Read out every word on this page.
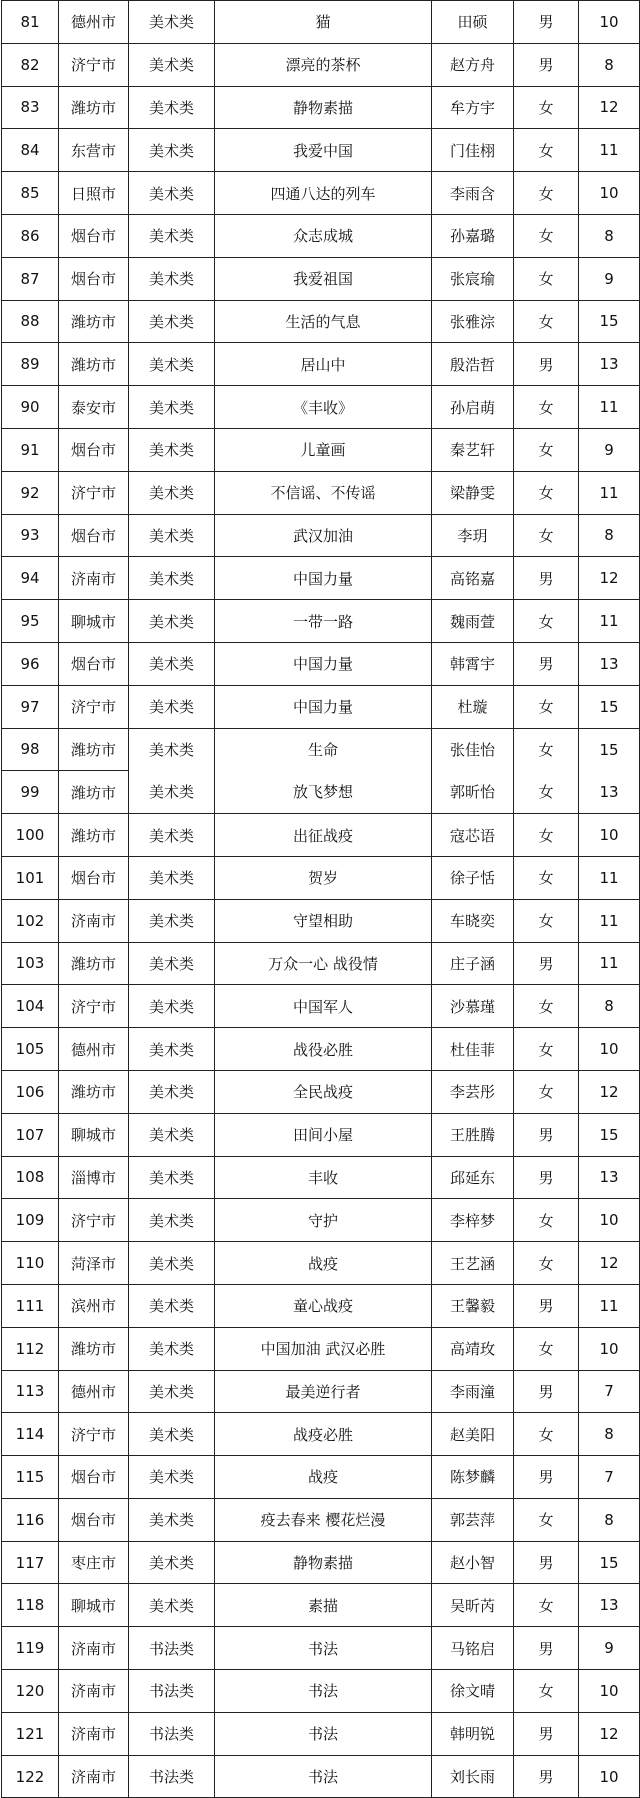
81	德州市	美术类	猫	田硕	男	10
82	济宁市	美术类	漂亮的茶杯	赵方舟	男	8
83	潍坊市	美术类	静物素描	牟方宇	女	12
84	东营市	美术类	我爱中国	门佳栩	女	11
85	日照市	美术类	四通八达的列车	李雨含	女	10
86	烟台市	美术类	众志成城	孙嘉璐	女	8
87	烟台市	美术类	我爱祖国	张宸瑜	女	9
88	潍坊市	美术类	生活的气息	张雅淙	女	15
89	潍坊市	美术类	居山中	殷浩哲	男	13
90	泰安市	美术类	《丰收》	孙启萌	女	11
91	烟台市	美术类	儿童画	秦艺轩	女	9
92	济宁市	美术类	不信谣、不传谣	梁静雯	女	11
93	烟台市	美术类	武汉加油	李玥	女	8
94	济南市	美术类	中国力量	高铭嘉	男	12
95	聊城市	美术类	一带一路	魏雨萱	女	11
96	烟台市	美术类	中国力量	韩霄宇	男	13
97	济宁市	美术类	中国力量	杜璇	女	15
98	潍坊市	美术类	生命	张佳怡	女	15
99	潍坊市	美术类	放飞梦想	郭昕怡	女	13
100	潍坊市	美术类	出征战疫	寇芯语	女	10
101	烟台市	美术类	贺岁	徐子恬	女	11
102	济南市	美术类	守望相助	车晓奕	女	11
103	潍坊市	美术类	万众一心 战役情	庄子涵	男	11
104	济宁市	美术类	中国军人	沙慕瑾	女	8
105	德州市	美术类	战役必胜	杜佳菲	女	10
106	潍坊市	美术类	全民战疫	李芸彤	女	12
107	聊城市	美术类	田间小屋	王胜腾	男	15
108	淄博市	美术类	丰收	邱延东	男	13
109	济宁市	美术类	守护	李梓梦	女	10
110	菏泽市	美术类	战疫	王艺涵	女	12
111	滨州市	美术类	童心战疫	王馨毅	男	11
112	潍坊市	美术类	中国加油 武汉必胜	高靖玫	女	10
113	德州市	美术类	最美逆行者	李雨潼	男	7
114	济宁市	美术类	战疫必胜	赵美阳	女	8
115	烟台市	美术类	战疫	陈梦麟	男	7
116	烟台市	美术类	疫去春来 樱花烂漫	郭芸萍	女	8
117	枣庄市	美术类	静物素描	赵小智	男	15
118	聊城市	美术类	素描	吴昕芮	女	13
119	济南市	书法类	书法	马铭启	男	9
120	济南市	书法类	书法	徐文晴	女	10
121	济南市	书法类	书法	韩明锐	男	12
122	济南市	书法类	书法	刘长雨	男	10
